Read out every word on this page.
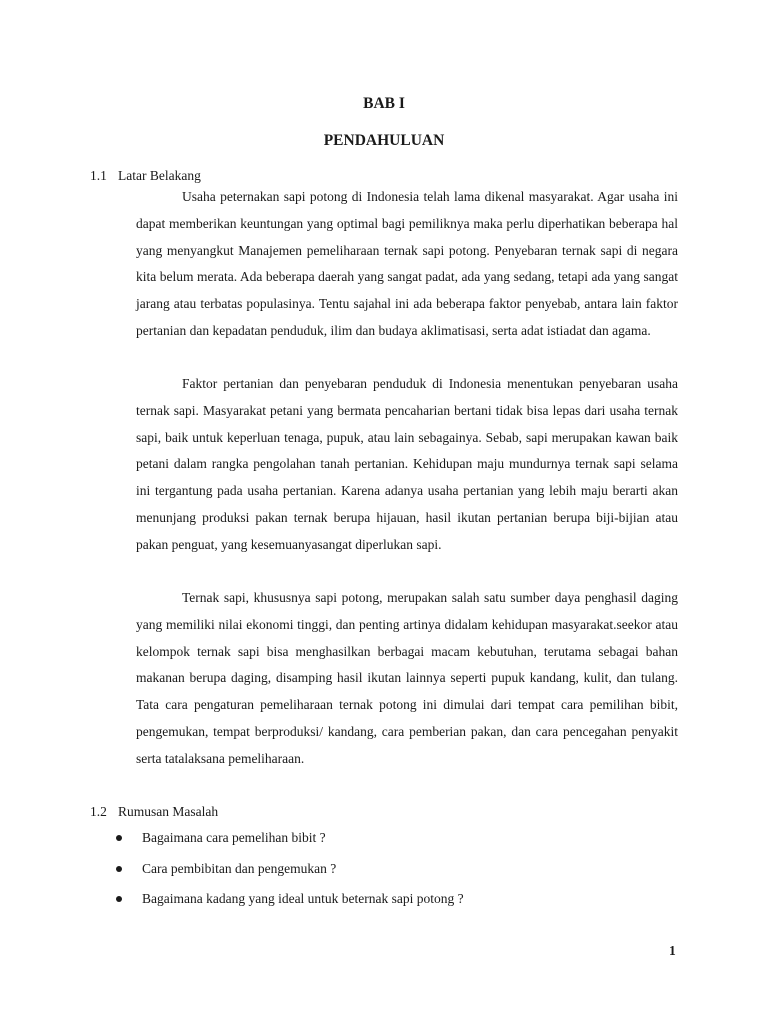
BAB I
PENDAHULUAN
1.1 Latar Belakang

Usaha peternakan sapi potong di Indonesia telah lama dikenal masyarakat. Agar usaha ini dapat memberikan keuntungan yang optimal bagi pemiliknya maka perlu diperhatikan beberapa hal yang menyangkut Manajemen pemeliharaan ternak sapi potong. Penyebaran ternak sapi di negara kita belum merata. Ada beberapa daerah yang sangat padat, ada yang sedang, tetapi ada yang sangat jarang atau terbatas populasinya. Tentu sajahal ini ada beberapa faktor penyebab, antara lain faktor pertanian dan kepadatan penduduk, ilim dan budaya aklimatisasi, serta adat istiadat dan agama.

Faktor pertanian dan penyebaran penduduk di Indonesia menentukan penyebaran usaha ternak sapi. Masyarakat petani yang bermata pencaharian bertani tidak bisa lepas dari usaha ternak sapi, baik untuk keperluan tenaga, pupuk, atau lain sebagainya. Sebab, sapi merupakan kawan baik petani dalam rangka pengolahan tanah pertanian. Kehidupan maju mundurnya ternak sapi selama ini tergantung pada usaha pertanian. Karena adanya usaha pertanian yang lebih maju berarti akan menunjang produksi pakan ternak berupa hijauan, hasil ikutan pertanian berupa biji-bijian atau pakan penguat, yang kesemuanyasangat diperlukan sapi.

Ternak sapi, khususnya sapi potong, merupakan salah satu sumber daya penghasil daging yang memiliki nilai ekonomi tinggi, dan penting artinya didalam kehidupan masyarakat.seekor atau kelompok ternak sapi bisa menghasilkan berbagai macam kebutuhan, terutama sebagai bahan makanan berupa daging, disamping hasil ikutan lainnya seperti pupuk kandang, kulit, dan tulang. Tata cara pengaturan pemeliharaan ternak potong ini dimulai dari tempat cara pemilihan bibit, pengemukan, tempat berproduksi/ kandang, cara pemberian pakan, dan cara pencegahan penyakit serta tatalaksana pemeliharaan.

1.2 Rumusan Masalah
Bagaimana cara pemelihan bibit ?
Cara pembibitan dan pengemukan ?
Bagaimana kadang yang ideal untuk beternak sapi potong ?
1
